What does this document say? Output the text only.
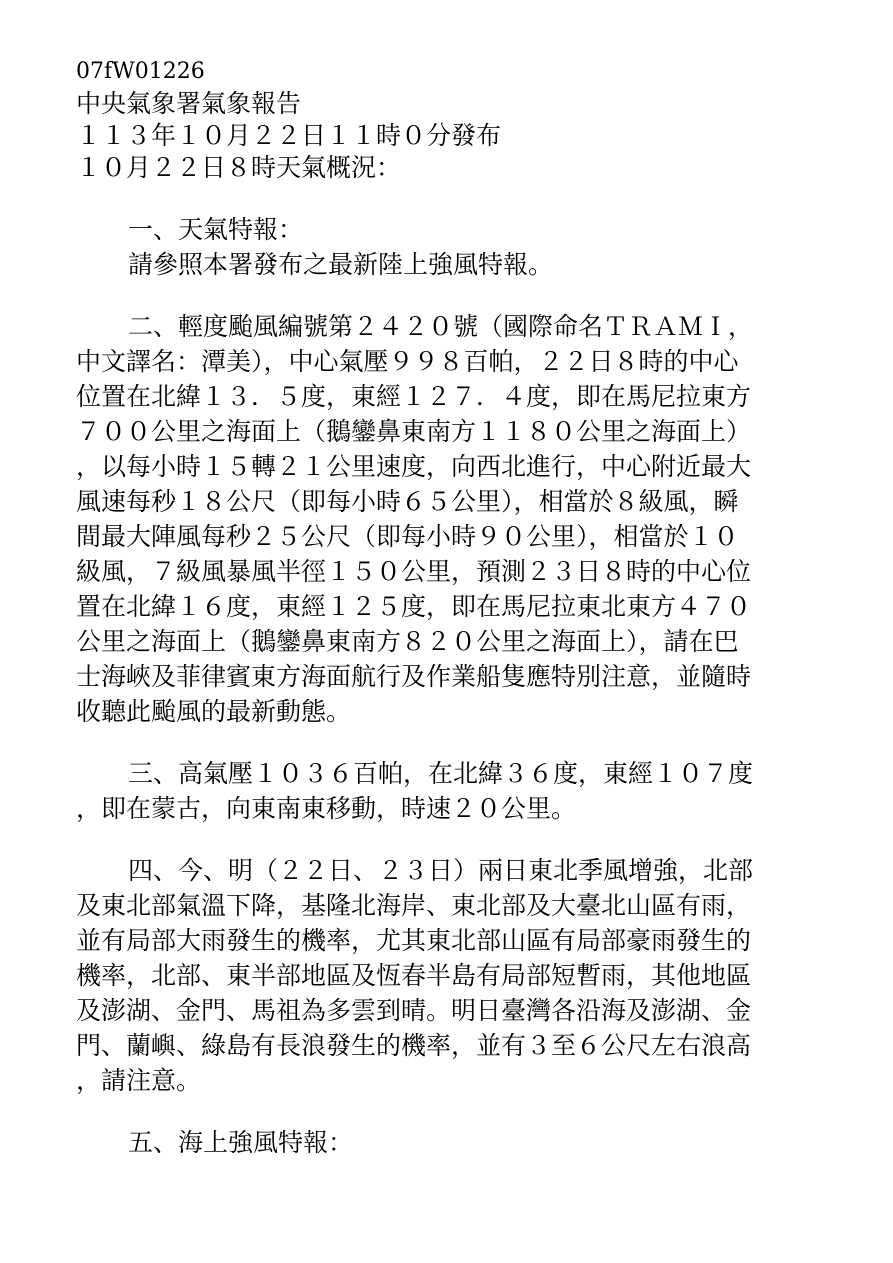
07fW01226

中央氣象署氣象報告

１１３年１０月２２日１１時０分發布

１０月２２日８時天氣概況：

一、天氣特報：

請參照本署發布之最新陸上強風特報。

二、輕度颱風編號第２４２０號（國際命名ＴＲＡＭＩ，

中文譯名：潭美），中心氣壓９９８百帕，２２日８時的中心

位置在北緯１３．５度，東經１２７．４度，即在馬尼拉東方

７００公里之海面上（鵝鑾鼻東南方１１８０公里之海面上）

，以每小時１５轉２１公里速度，向西北進行，中心附近最大

風速每秒１８公尺（即每小時６５公里），相當於８級風，瞬

間最大陣風每秒２５公尺（即每小時９０公里），相當於１０

級風，７級風暴風半徑１５０公里，預測２３日８時的中心位

置在北緯１６度，東經１２５度，即在馬尼拉東北東方４７０

公里之海面上（鵝鑾鼻東南方８２０公里之海面上），請在巴

士海峽及菲律賓東方海面航行及作業船隻應特別注意，並隨時

收聽此颱風的最新動態。

三、高氣壓１０３６百帕，在北緯３６度，東經１０７度

，即在蒙古，向東南東移動，時速２０公里。

四、今、明（２２日、２３日）兩日東北季風增強，北部

及東北部氣溫下降，基隆北海岸、東北部及大臺北山區有雨，

並有局部大雨發生的機率，尤其東北部山區有局部豪雨發生的

機率，北部、東半部地區及恆春半島有局部短暫雨，其他地區

及澎湖、金門、馬祖為多雲到晴。明日臺灣各沿海及澎湖、金

門、蘭嶼、綠島有長浪發生的機率，並有３至６公尺左右浪高

，請注意。

五、海上強風特報：
